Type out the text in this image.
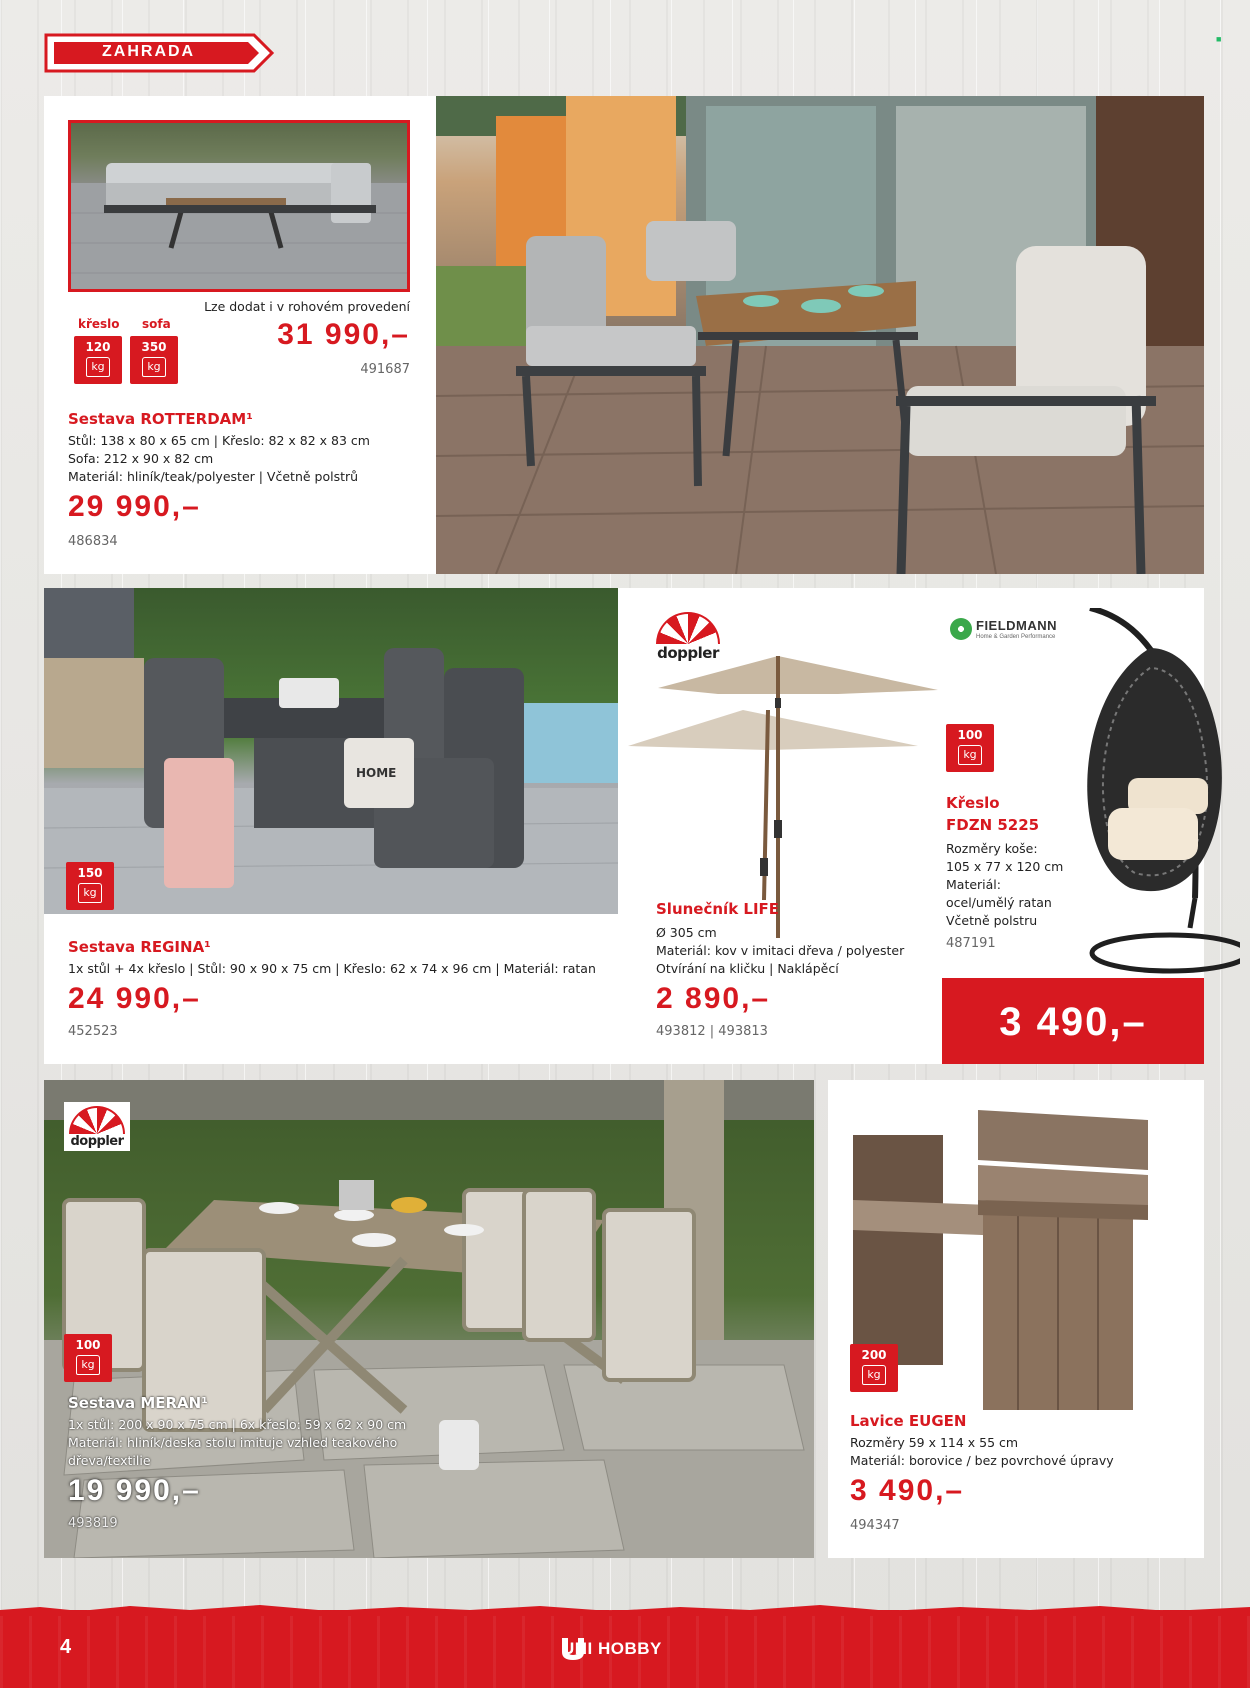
ZAHRADA
■
Lze dodat i v rohovém provedení
31 990,–
491687
křeslo sofa
120
kg
350
kg
Sestava ROTTERDAM¹
Stůl: 138 x 80 x 65 cm | Křeslo: 82 x 82 x 83 cm
Sofa: 212 x 90 x 82 cm
Materiál: hliník/teak/polyester | Včetně polstrů
29 990,–
486834
HOME
150
kg
Sestava REGINA¹
1x stůl + 4x křeslo | Stůl: 90 x 90 x 75 cm | Křeslo: 62 x 74 x 96 cm | Materiál: ratan
24 990,–
452523
doppler
Slunečník LIFE
Ø 305 cm
Materiál: kov v imitaci dřeva / polyester
Otvírání na kličku | Naklápěcí
2 890,–
493812 | 493813
FIELDMANN
Home & Garden Performance
100
kg
Křeslo
FDZN 5225
Rozměry koše:
105 x 77 x 120 cm
Materiál:
ocel/umělý ratan
Včetně polstru
487191
3 490,–
doppler
100
kg
Sestava MERAN¹
1x stůl: 200 x 90 x 75 cm | 6x křeslo: 59 x 62 x 90 cm
Materiál: hliník/deska stolu imituje vzhled teakového
dřeva/textilie
19 990,–
493819
200
kg
Lavice EUGEN
Rozměry 59 x 114 x 55 cm
Materiál: borovice / bez povrchové úpravy
3 490,–
494347
4	UNI HOBBY
